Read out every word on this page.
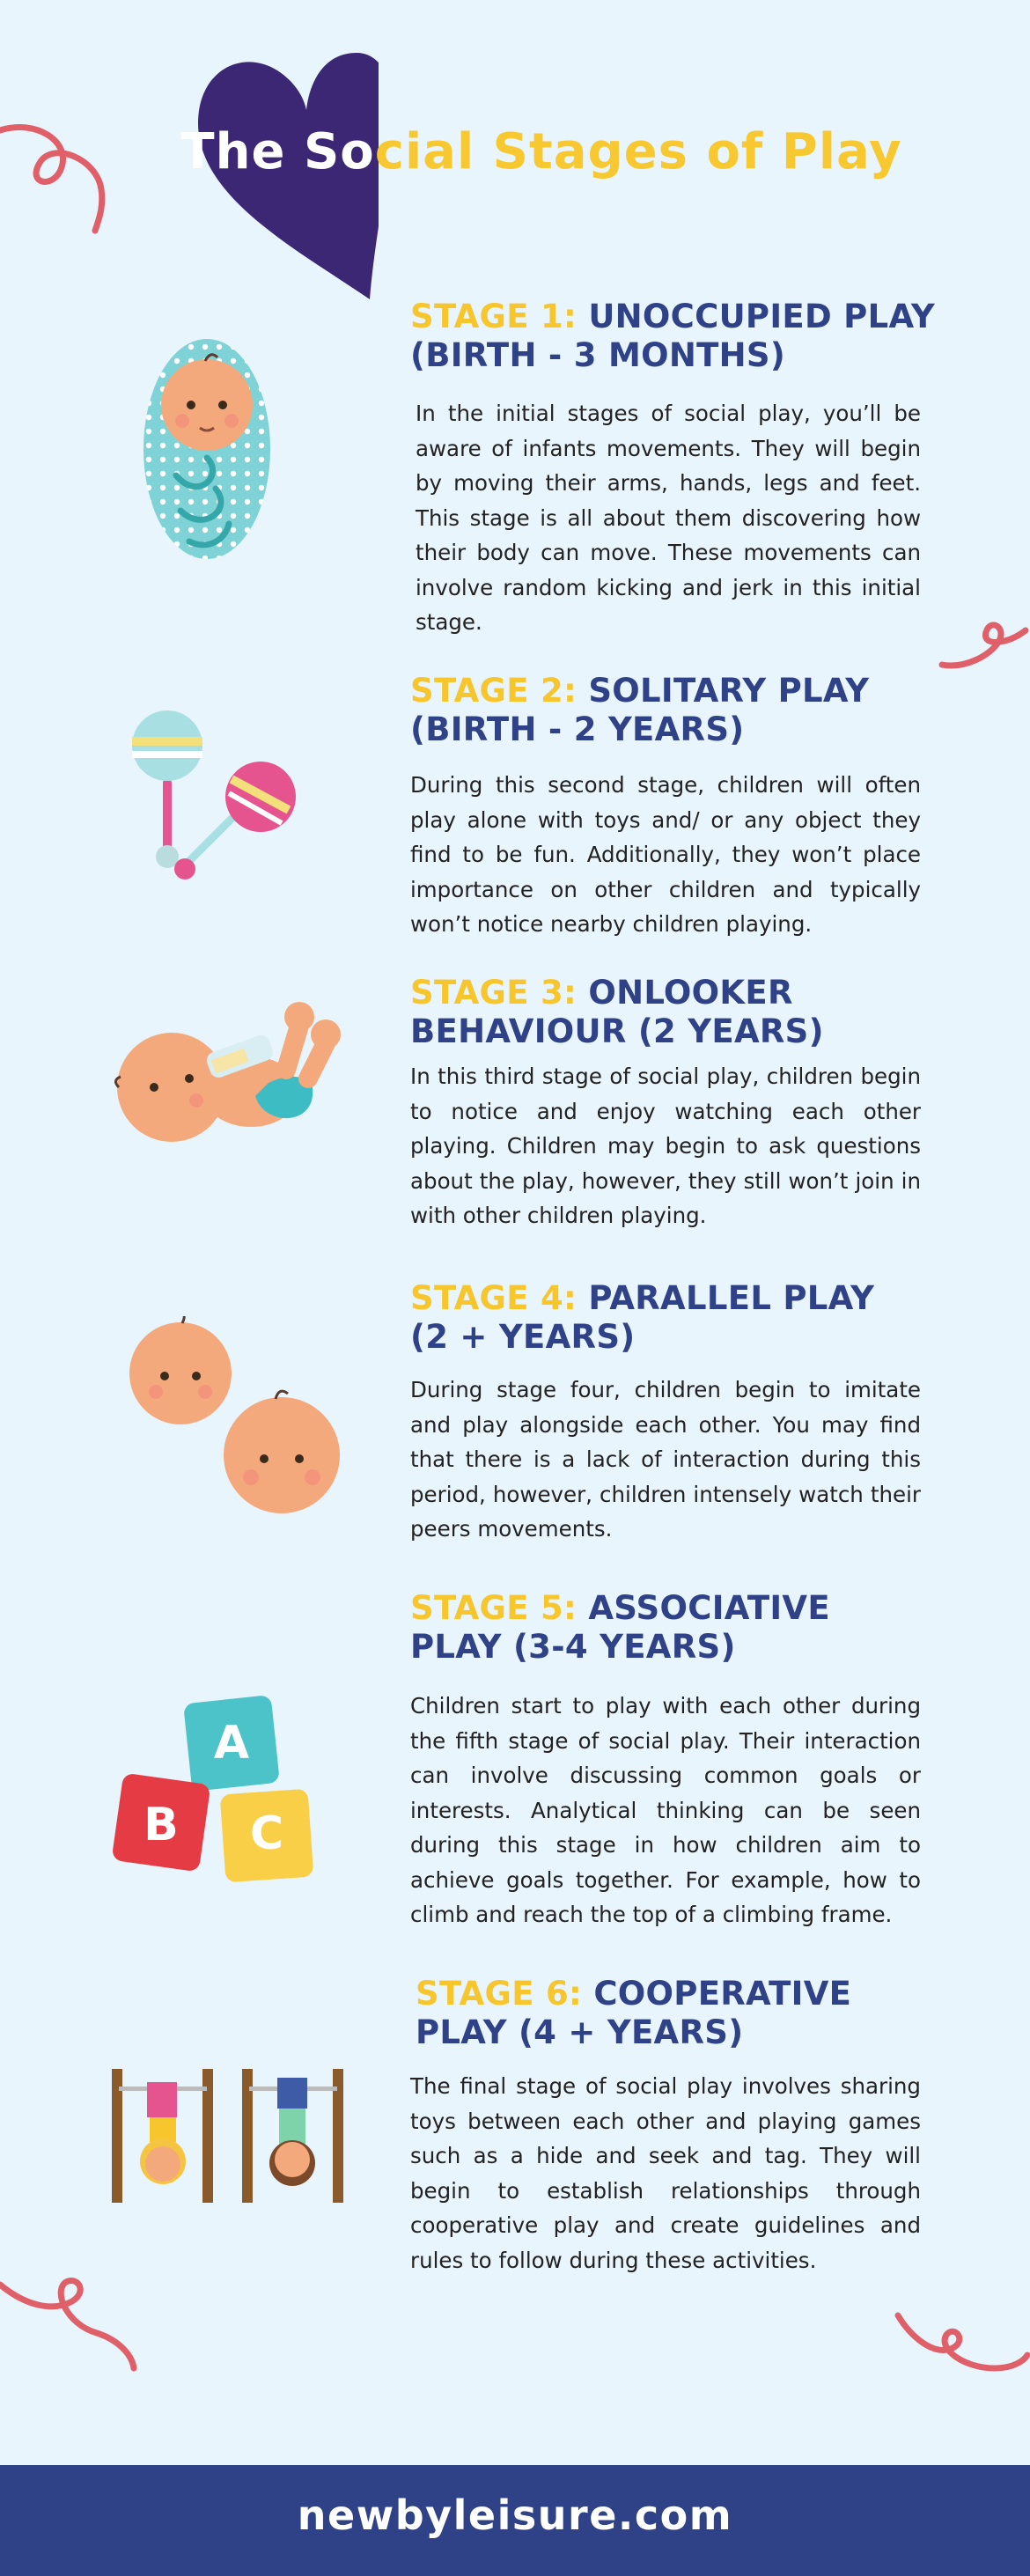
The Social Stages of Play
STAGE 1: UNOCCUPIED PLAY
(BIRTH - 3 MONTHS)
In the initial stages of social play, you’ll be aware of infants movements. They will begin by moving their arms, hands, legs and feet. This stage is all about them discovering how their body can move. These movements can involve random kicking and jerk in this initial stage.
STAGE 2: SOLITARY PLAY
(BIRTH - 2 YEARS)
During this second stage, children will often play alone with toys and/ or any object they find to be fun. Additionally, they won’t place importance on other children and typically won’t notice nearby children playing.
STAGE 3: ONLOOKER
BEHAVIOUR (2 YEARS)
In this third stage of social play, children begin to notice and enjoy watching each other playing. Children may begin to ask questions about the play, however, they still won’t join in with other children playing.
STAGE 4: PARALLEL PLAY
(2 + YEARS)
During stage four, children begin to imitate and play alongside each other. You may find that there is a lack of interaction during this period, however, children intensely watch their peers movements.
A
B C
STAGE 5: ASSOCIATIVE
PLAY (3-4 YEARS)
Children start to play with each other during the fifth stage of social play. Their interaction can involve discussing common goals or interests. Analytical thinking can be seen during this stage in how children aim to achieve goals together. For example, how to climb and reach the top of a climbing frame.
STAGE 6: COOPERATIVE
PLAY (4 + YEARS)
The final stage of social play involves sharing toys between each other and playing games such as a hide and seek and tag. They will begin to establish relationships through cooperative play and create guidelines and rules to follow during these activities.
newbyleisure.com
